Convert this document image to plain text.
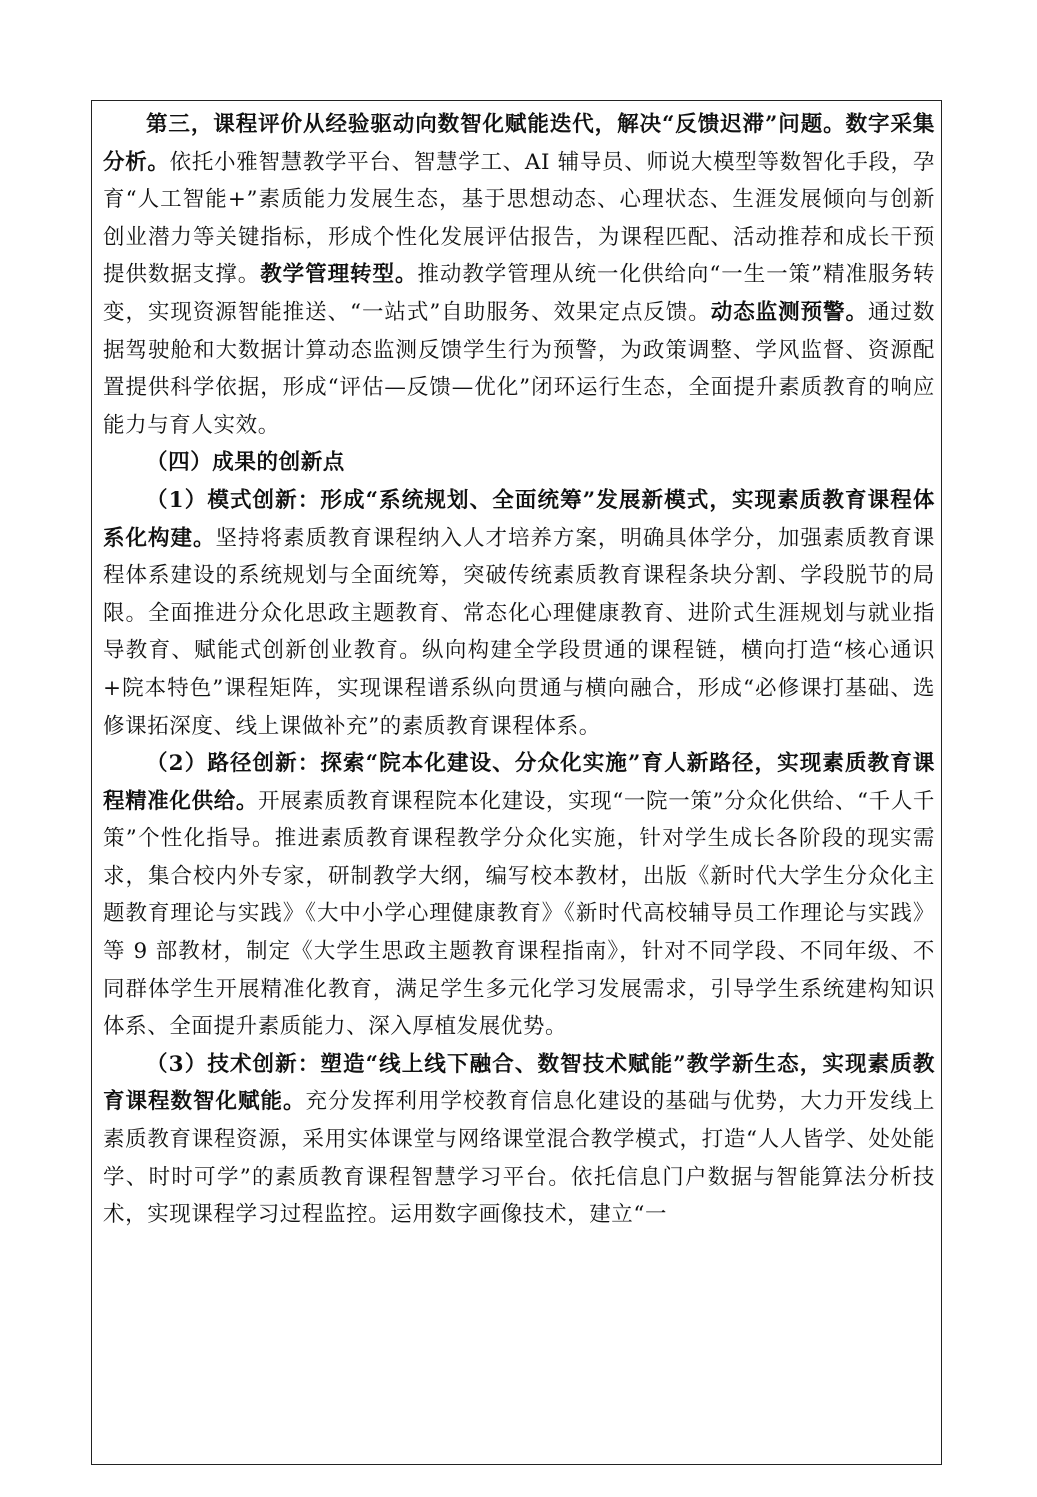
第三，课程评价从经验驱动向数智化赋能迭代，解决“反馈迟滞”问题。数字采集分析。依托小雅智慧教学平台、智慧学工、AI 辅导员、师说大模型等数智化手段，孕育“人工智能+”素质能力发展生态，基于思想动态、心理状态、生涯发展倾向与创新创业潜力等关键指标，形成个性化发展评估报告，为课程匹配、活动推荐和成长干预提供数据支撑。教学管理转型。推动教学管理从统一化供给向“一生一策”精准服务转变，实现资源智能推送、“一站式”自助服务、效果定点反馈。动态监测预警。通过数据驾驶舱和大数据计算动态监测反馈学生行为预警，为政策调整、学风监督、资源配置提供科学依据，形成“评估—反馈—优化”闭环运行生态，全面提升素质教育的响应能力与育人实效。

（四）成果的创新点

（1）模式创新：形成“系统规划、全面统筹”发展新模式，实现素质教育课程体系化构建。坚持将素质教育课程纳入人才培养方案，明确具体学分，加强素质教育课程体系建设的系统规划与全面统筹，突破传统素质教育课程条块分割、学段脱节的局限。全面推进分众化思政主题教育、常态化心理健康教育、进阶式生涯规划与就业指导教育、赋能式创新创业教育。纵向构建全学段贯通的课程链，横向打造“核心通识+院本特色”课程矩阵，实现课程谱系纵向贯通与横向融合，形成“必修课打基础、选修课拓深度、线上课做补充”的素质教育课程体系。

（2）路径创新：探索“院本化建设、分众化实施”育人新路径，实现素质教育课程精准化供给。开展素质教育课程院本化建设，实现“一院一策”分众化供给、“千人千策”个性化指导。推进素质教育课程教学分众化实施，针对学生成长各阶段的现实需求，集合校内外专家，研制教学大纲，编写校本教材，出版《新时代大学生分众化主题教育理论与实践》《大中小学心理健康教育》《新时代高校辅导员工作理论与实践》等 9 部教材，制定《大学生思政主题教育课程指南》，针对不同学段、不同年级、不同群体学生开展精准化教育，满足学生多元化学习发展需求，引导学生系统建构知识体系、全面提升素质能力、深入厚植发展优势。

（3）技术创新：塑造“线上线下融合、数智技术赋能”教学新生态，实现素质教育课程数智化赋能。充分发挥利用学校教育信息化建设的基础与优势，大力开发线上素质教育课程资源，采用实体课堂与网络课堂混合教学模式，打造“人人皆学、处处能学、时时可学”的素质教育课程智慧学习平台。依托信息门户数据与智能算法分析技术，实现课程学习过程监控。运用数字画像技术，建立“一
